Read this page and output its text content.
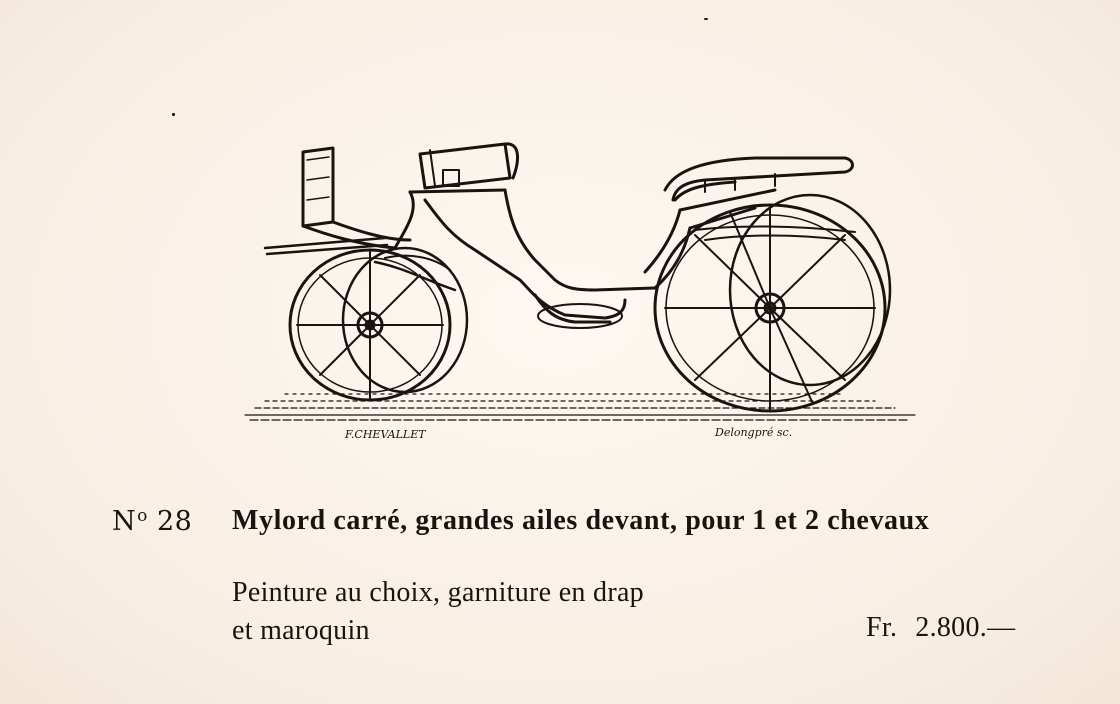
F.CHEVALLET	Delongpré sc.
$N^o$ 28 Mylord carré, grandes ailes devant, pour 1 et 2 chevaux
Peinture au choix, garniture en drap
et maroquin	Fr. 2.800.—
